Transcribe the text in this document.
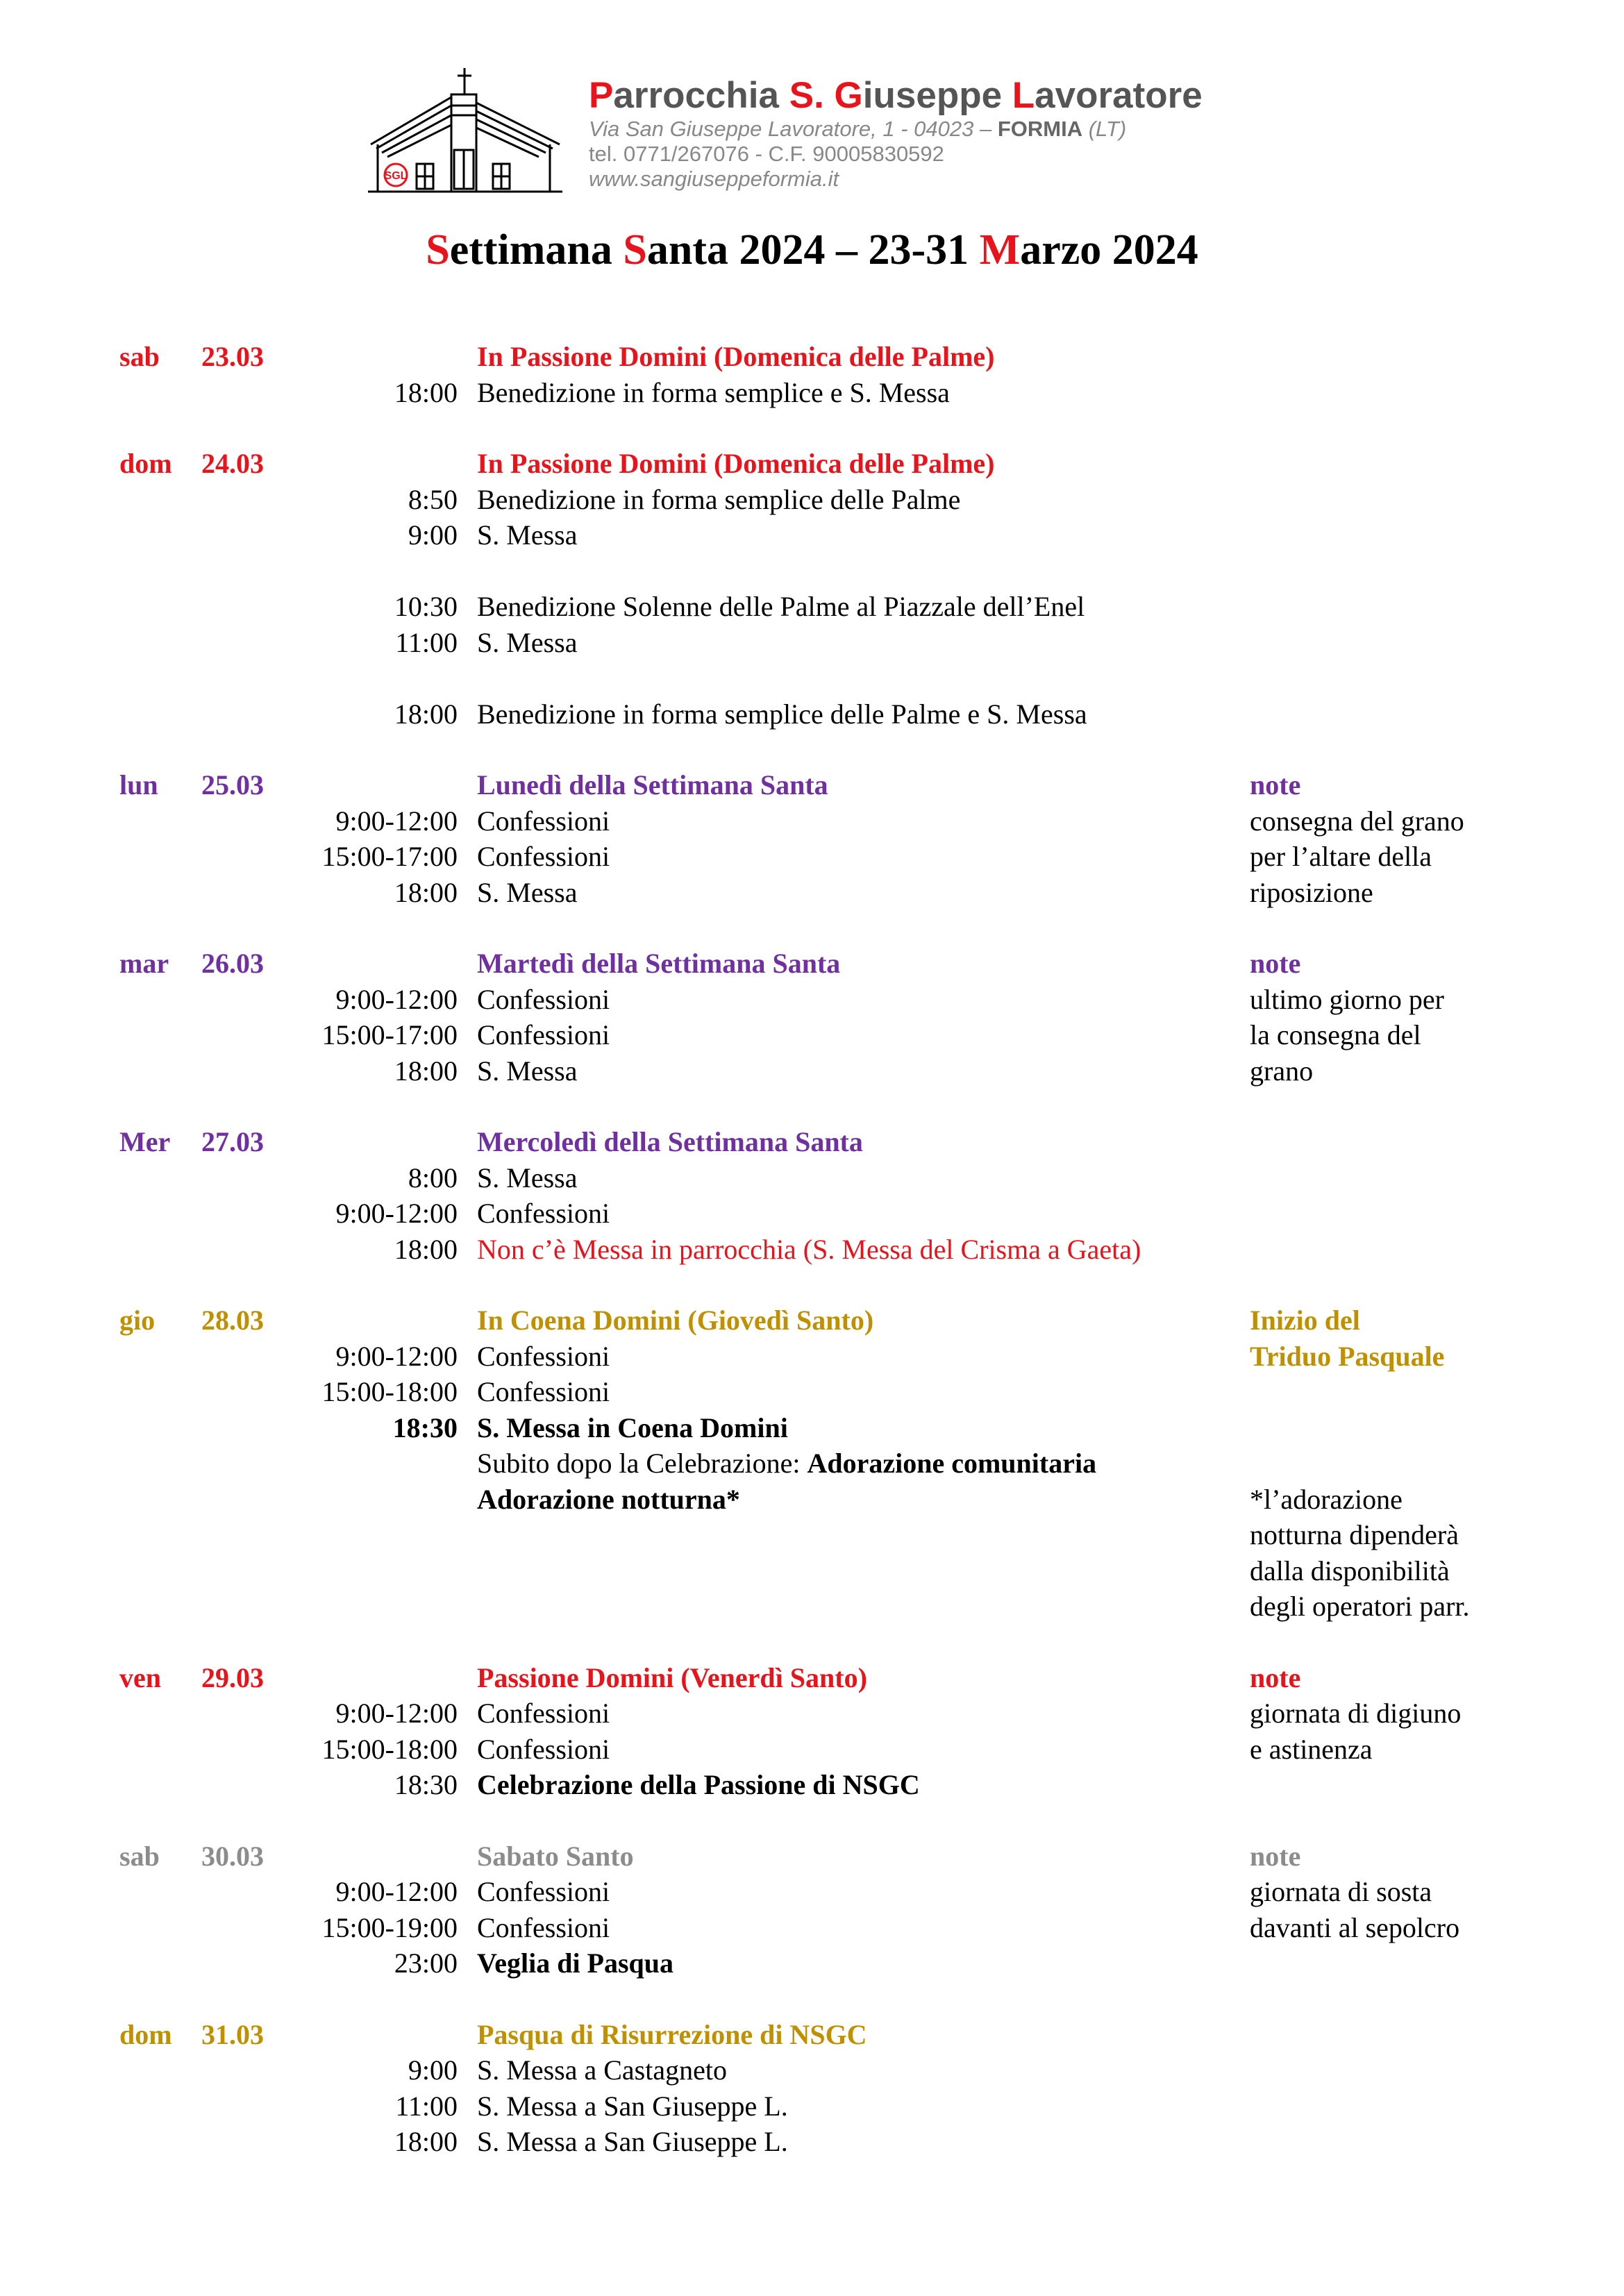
SGL
Parrocchia S. Giuseppe Lavoratore
Via San Giuseppe Lavoratore, 1 - 04023 – FORMIA (LT)
tel. 0771/267076 - C.F. 90005830592
www.sangiuseppeformia.it
Settimana Santa 2024 – 23-31 Marzo 2024
sab 23.03	In Passione Domini (Domenica delle Palme)
18:00 Benedizione in forma semplice e S. Messa
dom 24.03	In Passione Domini (Domenica delle Palme)
8:50 Benedizione in forma semplice delle Palme
9:00 S. Messa
10:30 Benedizione Solenne delle Palme al Piazzale dell’Enel
11:00 S. Messa
18:00 Benedizione in forma semplice delle Palme e S. Messa
lun 25.03	Lunedì della Settimana Santa	note
9:00-12:00 Confessioni	consegna del grano
15:00-17:00 Confessioni	per l’altare della
18:00 S. Messa	riposizione
mar 26.03	Martedì della Settimana Santa	note
9:00-12:00 Confessioni	ultimo giorno per
15:00-17:00 Confessioni	la consegna del
18:00 S. Messa	grano
Mer 27.03	Mercoledì della Settimana Santa
8:00 S. Messa
9:00-12:00 Confessioni
18:00 Non c’è Messa in parrocchia (S. Messa del Crisma a Gaeta)
gio 28.03	In Coena Domini (Giovedì Santo)	Inizio del
9:00-12:00 Confessioni	Triduo Pasquale
15:00-18:00 Confessioni
18:30 S. Messa in Coena Domini
Subito dopo la Celebrazione: Adorazione comunitaria
Adorazione notturna*	*l’adorazione
notturna dipenderà
dalla disponibilità
degli operatori parr.
ven 29.03	Passione Domini (Venerdì Santo)	note
9:00-12:00 Confessioni	giornata di digiuno
15:00-18:00 Confessioni	e astinenza
18:30 Celebrazione della Passione di NSGC
sab 30.03	Sabato Santo	note
9:00-12:00 Confessioni	giornata di sosta
15:00-19:00 Confessioni	davanti al sepolcro
23:00 Veglia di Pasqua
dom 31.03	Pasqua di Risurrezione di NSGC
9:00 S. Messa a Castagneto
11:00 S. Messa a San Giuseppe L.
18:00 S. Messa a San Giuseppe L.
